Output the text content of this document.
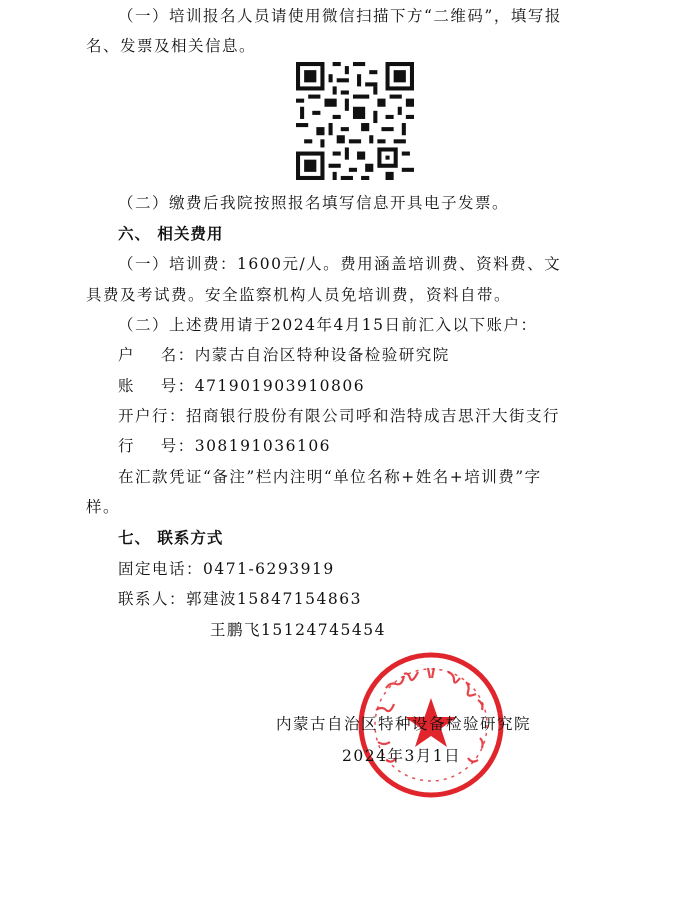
（一）培训报名人员请使用微信扫描下方“二维码”，填写报
名、发票及相关信息。
（二）缴费后我院按照报名填写信息开具电子发票。
六、 相关费用
（一）培训费：1600元/人。费用涵盖培训费、资料费、文
具费及考试费。安全监察机构人员免培训费，资料自带。
（二）上述费用请于2024年4月15日前汇入以下账户：
户    名：内蒙古自治区特种设备检验研究院
账    号：471901903910806
开户行：招商银行股份有限公司呼和浩特成吉思汗大街支行
行    号：308191036106
在汇款凭证“备注”栏内注明“单位名称+姓名+培训费”字
样。
七、 联系方式
固定电话：0471-6293919
联系人：郭建波15847154863
王鹏飞15124745454
内蒙古自治区特种设备检验研究院
2024年3月1日
